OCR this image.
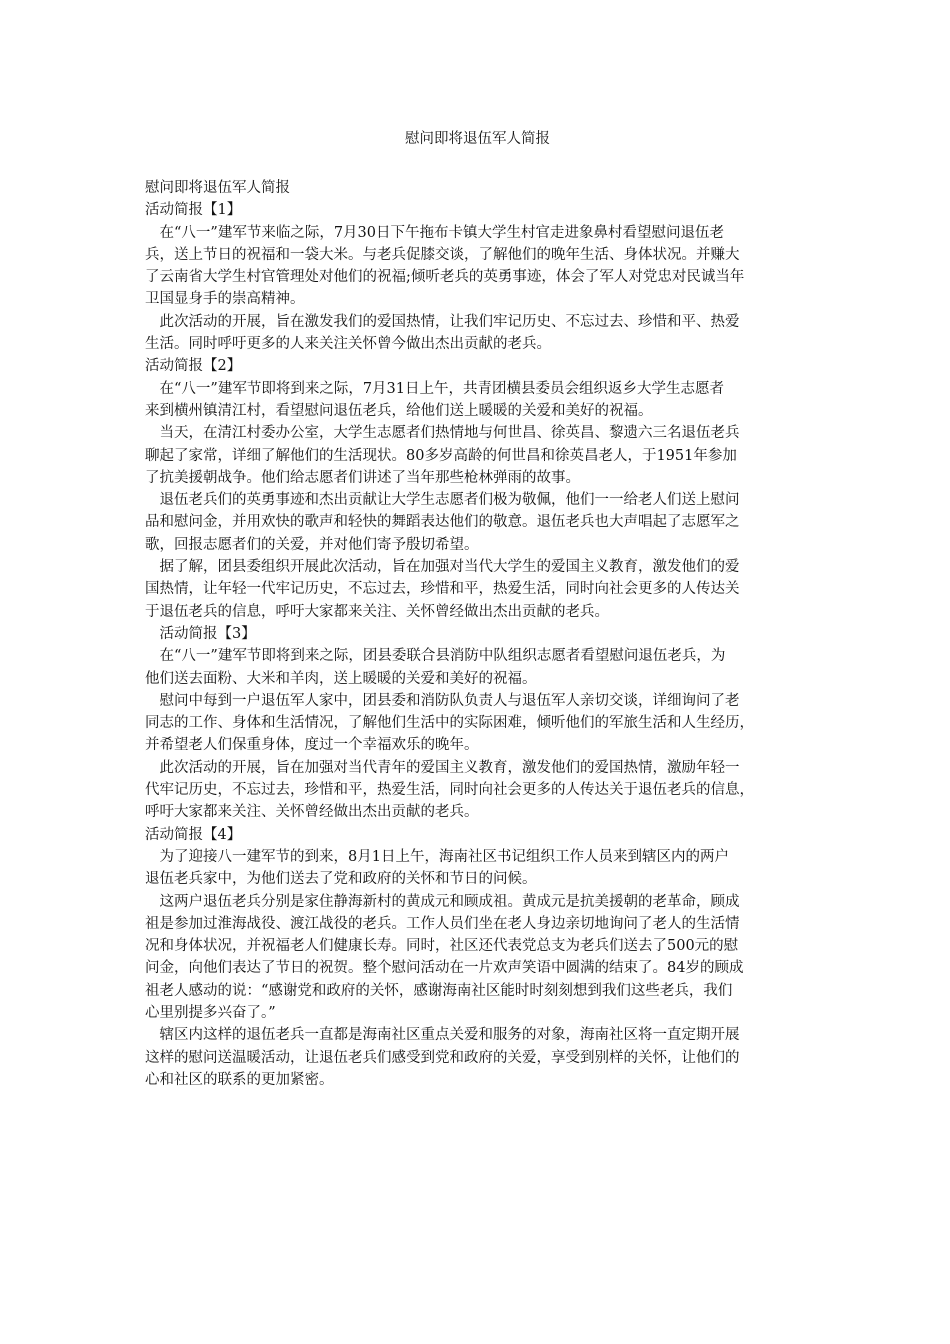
慰问即将退伍军人简报
慰问即将退伍军人简报
活动简报【1】
　在“八一”建军节来临之际，7月30日下午拖布卡镇大学生村官走进象鼻村看望慰问退伍老
兵，送上节日的祝福和一袋大米。与老兵促膝交谈，了解他们的晚年生活、身体状况。并赚大
了云南省大学生村官管理处对他们的祝福;倾听老兵的英勇事迹，体会了军人对党忠对民诚当年
卫国显身手的崇高精神。
　此次活动的开展，旨在激发我们的爱国热情，让我们牢记历史、不忘过去、珍惜和平、热爱
生活。同时呼吁更多的人来关注关怀曾今做出杰出贡献的老兵。
活动简报【2】
　在“八一”建军节即将到来之际，7月31日上午，共青团横县委员会组织返乡大学生志愿者
来到横州镇清江村，看望慰问退伍老兵，给他们送上暖暖的关爱和美好的祝福。
　当天，在清江村委办公室，大学生志愿者们热情地与何世昌、徐英昌、黎遗六三名退伍老兵
聊起了家常，详细了解他们的生活现状。80多岁高龄的何世昌和徐英昌老人，于1951年参加
了抗美援朝战争。他们给志愿者们讲述了当年那些枪林弹雨的故事。
　退伍老兵们的英勇事迹和杰出贡献让大学生志愿者们极为敬佩，他们一一给老人们送上慰问
品和慰问金，并用欢快的歌声和轻快的舞蹈表达他们的敬意。退伍老兵也大声唱起了志愿军之
歌，回报志愿者们的关爱，并对他们寄予殷切希望。
　据了解，团县委组织开展此次活动，旨在加强对当代大学生的爱国主义教育，激发他们的爱
国热情，让年轻一代牢记历史，不忘过去，珍惜和平，热爱生活，同时向社会更多的人传达关
于退伍老兵的信息，呼吁大家都来关注、关怀曾经做出杰出贡献的老兵。
　活动简报【3】
　在“八一”建军节即将到来之际，团县委联合县消防中队组织志愿者看望慰问退伍老兵，为
他们送去面粉、大米和羊肉，送上暖暖的关爱和美好的祝福。
　慰问中每到一户退伍军人家中，团县委和消防队负责人与退伍军人亲切交谈，详细询问了老
同志的工作、身体和生活情况，了解他们生活中的实际困难，倾听他们的军旅生活和人生经历，
并希望老人们保重身体，度过一个幸福欢乐的晚年。
　此次活动的开展，旨在加强对当代青年的爱国主义教育，激发他们的爱国热情，激励年轻一
代牢记历史，不忘过去，珍惜和平，热爱生活，同时向社会更多的人传达关于退伍老兵的信息，
呼吁大家都来关注、关怀曾经做出杰出贡献的老兵。
活动简报【4】
　为了迎接八一建军节的到来，8月1日上午，海南社区书记组织工作人员来到辖区内的两户
退伍老兵家中，为他们送去了党和政府的关怀和节日的问候。
　这两户退伍老兵分别是家住静海新村的黄成元和顾成祖。黄成元是抗美援朝的老革命，顾成
祖是参加过淮海战役、渡江战役的老兵。工作人员们坐在老人身边亲切地询问了老人的生活情
况和身体状况，并祝福老人们健康长寿。同时，社区还代表党总支为老兵们送去了500元的慰
问金，向他们表达了节日的祝贺。整个慰问活动在一片欢声笑语中圆满的结束了。84岁的顾成
祖老人感动的说：“感谢党和政府的关怀，感谢海南社区能时时刻刻想到我们这些老兵，我们
心里别提多兴奋了。”
　辖区内这样的退伍老兵一直都是海南社区重点关爱和服务的对象，海南社区将一直定期开展
这样的慰问送温暖活动，让退伍老兵们感受到党和政府的关爱，享受到别样的关怀，让他们的
心和社区的联系的更加紧密。
